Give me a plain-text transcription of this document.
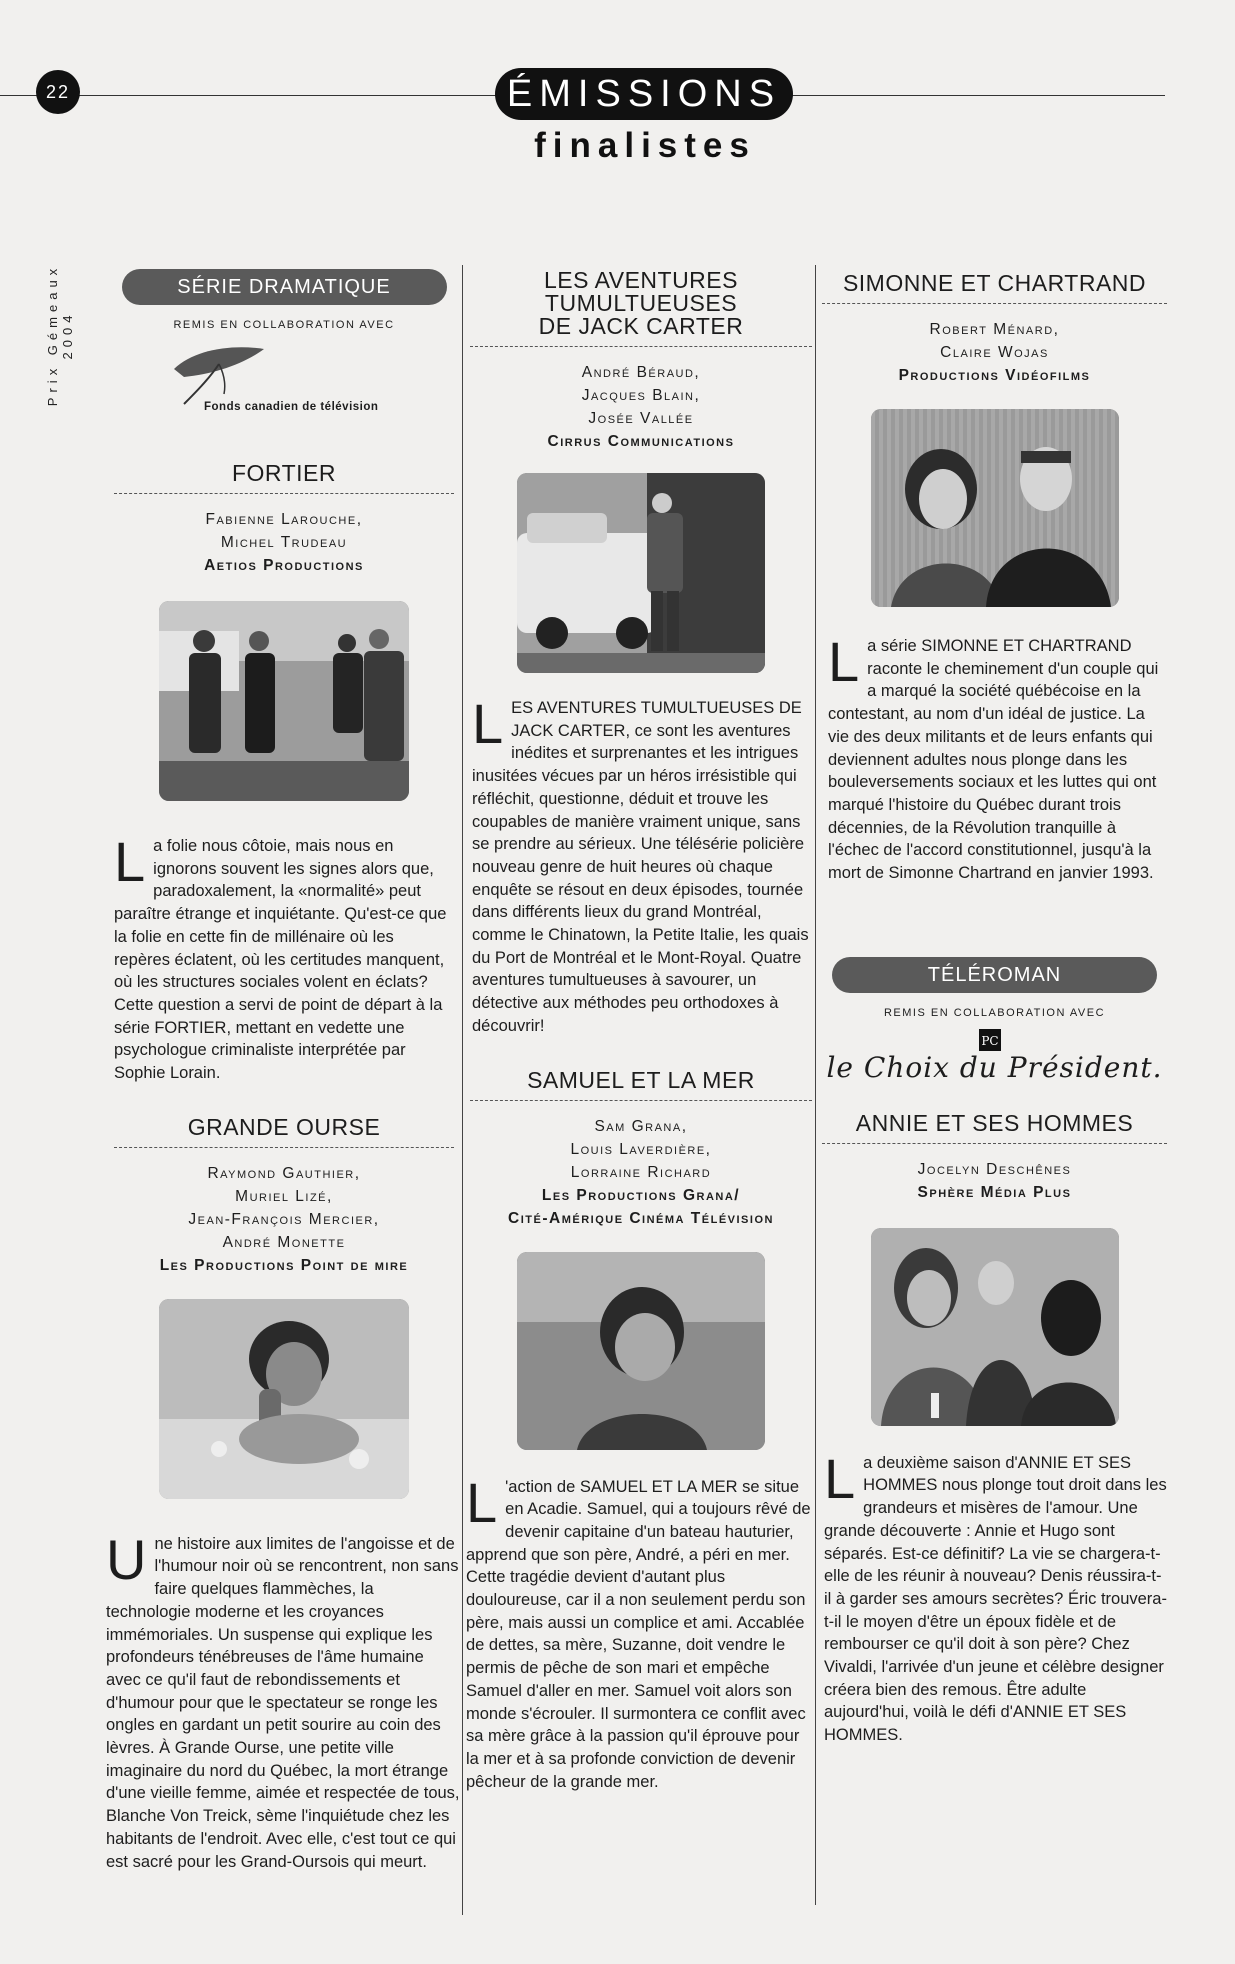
22	ÉMISSIONS
finalistes
Prix Gémeaux 2004
SÉRIE DRAMATIQUE
REMIS EN COLLABORATION AVEC
Fonds canadien de télévision
FORTIER
Fabienne Larouche,
Michel Trudeau
Aetios Productions

La folie nous côtoie, mais nous en ignorons souvent les signes alors que, paradoxalement, la «normalité» peut paraître étrange et inquiétante. Qu'est-ce que la folie en cette fin de millénaire où les repères éclatent, où les certitudes manquent, où les structures sociales volent en éclats? Cette question a servi de point de départ à la série FORTIER, mettant en vedette une psychologue criminaliste interprétée par Sophie Lorain.

GRANDE OURSE
Raymond Gauthier,
Muriel Lizé,
Jean-François Mercier,
André Monette
Les Productions Point de mire

Une histoire aux limites de l'angoisse et de l'humour noir où se rencontrent, non sans faire quelques flammèches, la technologie moderne et les croyances immémoriales. Un suspense qui explique les profondeurs ténébreuses de l'âme humaine avec ce qu'il faut de rebondissements et d'humour pour que le spectateur se ronge les ongles en gardant un petit sourire au coin des lèvres. À Grande Ourse, une petite ville imaginaire du nord du Québec, la mort étrange d'une vieille femme, aimée et respectée de tous, Blanche Von Treick, sème l'inquiétude chez les habitants de l'endroit. Avec elle, c'est tout ce qui est sacré pour les Grand-Oursois qui meurt.

LES AVENTURES
TUMULTUEUSES
DE JACK CARTER
André Béraud,
Jacques Blain,
Josée Vallée
Cirrus Communications

LES AVENTURES TUMULTUEUSES DE JACK CARTER, ce sont les aventures inédites et surprenantes et les intrigues inusitées vécues par un héros irrésistible qui réfléchit, questionne, déduit et trouve les coupables de manière vraiment unique, sans se prendre au sérieux. Une télésérie policière nouveau genre de huit heures où chaque enquête se résout en deux épisodes, tournée dans différents lieux du grand Montréal, comme le Chinatown, la Petite Italie, les quais du Port de Montréal et le Mont-Royal. Quatre aventures tumultueuses à savourer, un détective aux méthodes peu orthodoxes à découvrir!

SAMUEL ET LA MER
Sam Grana,
Louis Laverdière,
Lorraine Richard
Les Productions Grana/
Cité-Amérique Cinéma Télévision

L 'action de SAMUEL ET LA MER se situe en Acadie. Samuel, qui a toujours rêvé de devenir capitaine d'un bateau hauturier, apprend que son père, André, a péri en mer. Cette tragédie devient d'autant plus douloureuse, car il a non seulement perdu son père, mais aussi un complice et ami. Accablée de dettes, sa mère, Suzanne, doit vendre le permis de pêche de son mari et empêche Samuel d'aller en mer. Samuel voit alors son monde s'écrouler. Il surmontera ce conflit avec sa mère grâce à la passion qu'il éprouve pour la mer et à sa profonde conviction de devenir pêcheur de la grande mer.

SIMONNE ET CHARTRAND
Robert Ménard,
Claire Wojas
Productions Vidéofilms

La série SIMONNE ET CHARTRAND raconte le cheminement d'un couple qui a marqué la société québécoise en la contestant, au nom d'un idéal de justice. La vie des deux militants et de leurs enfants qui deviennent adultes nous plonge dans les bouleversements sociaux et les luttes qui ont marqué l'histoire du Québec durant trois décennies, de la Révolution tranquille à l'échec de l'accord constitutionnel, jusqu'à la mort de Simonne Chartrand en janvier 1993.

TÉLÉROMAN
REMIS EN COLLABORATION AVEC
PC
le Choix du Président.
ANNIE ET SES HOMMES
Jocelyn Deschênes
Sphère Média Plus

La deuxième saison d'ANNIE ET SES HOMMES nous plonge tout droit dans les grandeurs et misères de l'amour. Une grande découverte : Annie et Hugo sont séparés. Est-ce définitif? La vie se chargera-t-elle de les réunir à nouveau? Denis réussira-t-il à garder ses amours secrètes? Éric trouvera-t-il le moyen d'être un époux fidèle et de rembourser ce qu'il doit à son père? Chez Vivaldi, l'arrivée d'un jeune et célèbre designer créera bien des remous. Être adulte aujourd'hui, voilà le défi d'ANNIE ET SES HOMMES.
